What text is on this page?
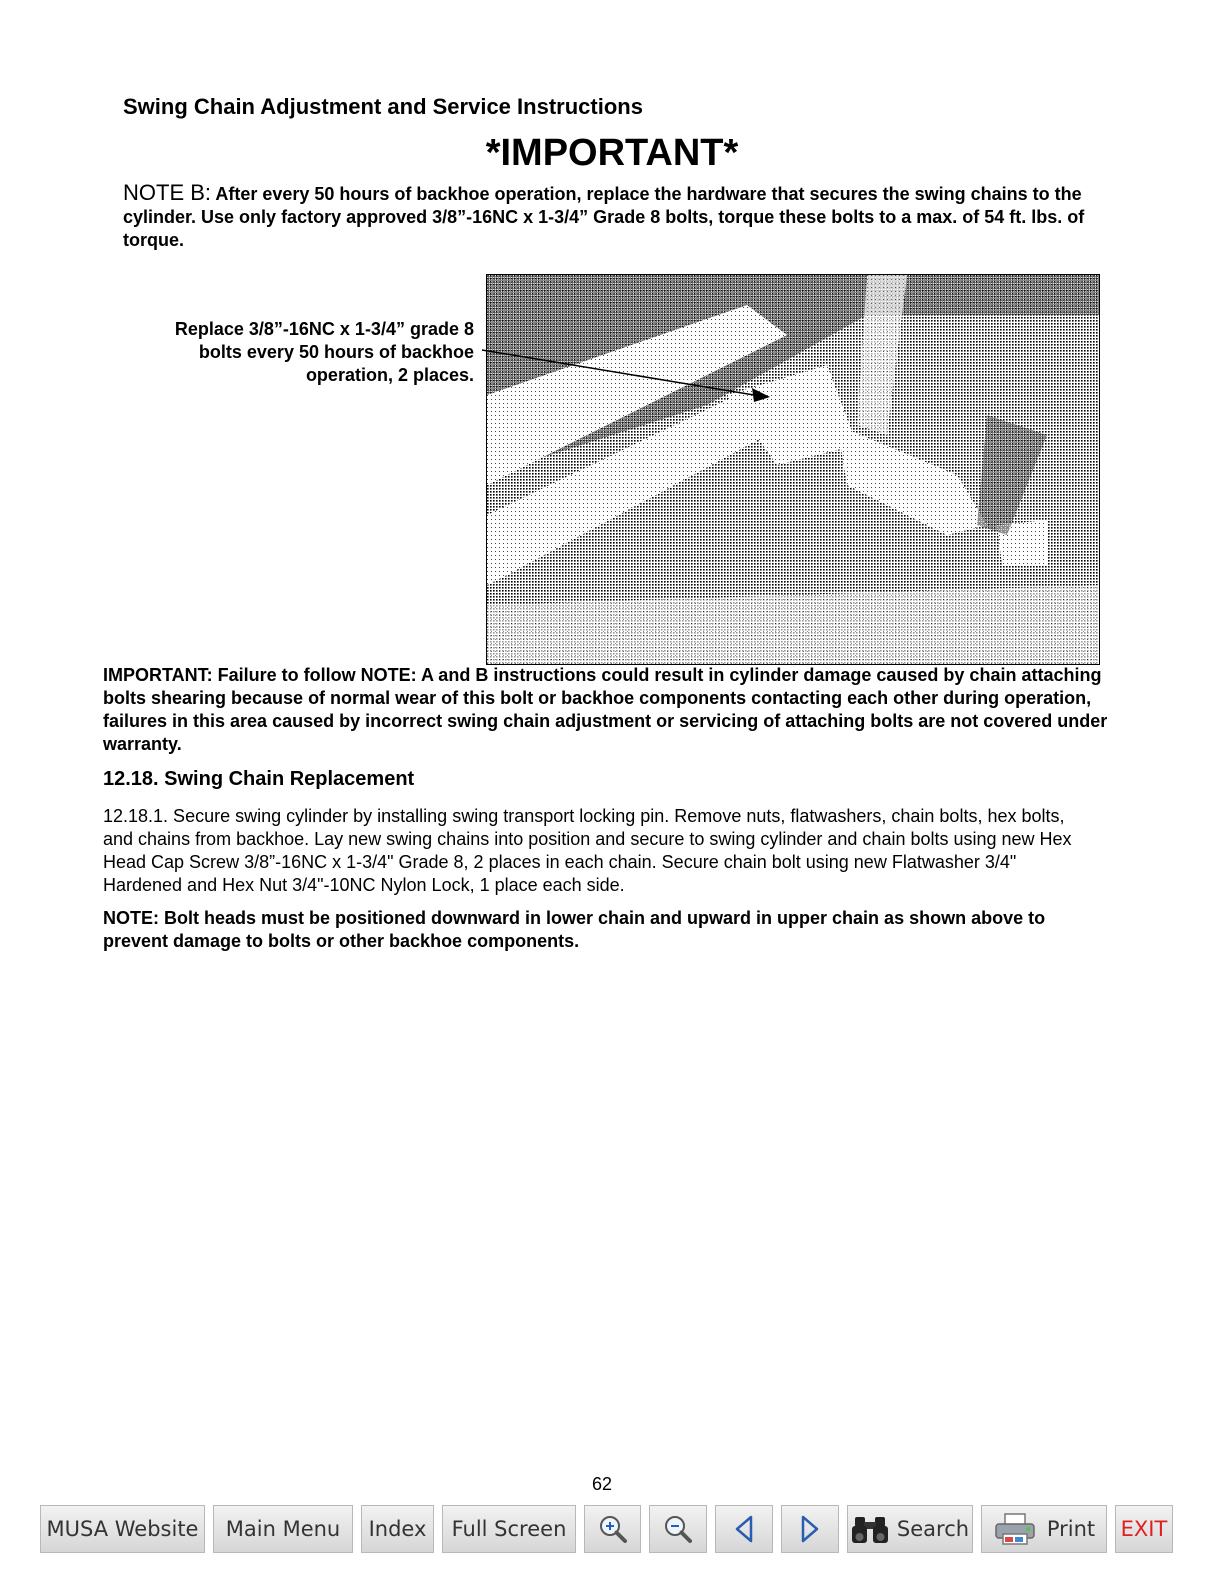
Swing Chain Adjustment and Service Instructions
*IMPORTANT*
NOTE B: After every 50 hours of backhoe operation, replace the hardware that secures the swing chains to the cylinder. Use only factory approved 3/8”-16NC x 1-3/4” Grade 8 bolts, torque these bolts to a max. of 54 ft. lbs. of torque.
Replace 3/8”-16NC x 1-3/4” grade 8
bolts every 50 hours of backhoe
operation, 2 places.
IMPORTANT: Failure to follow NOTE: A and B instructions could result in cylinder damage caused by chain attaching bolts shearing because of normal wear of this bolt or backhoe components contacting each other during operation, failures in this area caused by incorrect swing chain adjustment or servicing of attaching bolts are not covered under warranty.
12.18. Swing Chain Replacement
12.18.1. Secure swing cylinder by installing swing transport locking pin. Remove nuts, flatwashers, chain bolts, hex bolts, and chains from backhoe. Lay new swing chains into position and secure to swing cylinder and chain bolts using new Hex Head Cap Screw 3/8”-16NC x 1-3/4" Grade 8, 2 places in each chain. Secure chain bolt using new Flatwasher 3/4" Hardened and Hex Nut 3/4"-10NC Nylon Lock, 1 place each side.
NOTE: Bolt heads must be positioned downward in lower chain and upward in upper chain as shown above to prevent damage to bolts or other backhoe components.
62
MUSA Website Main Menu Index Full Screen	Search	Print EXIT
